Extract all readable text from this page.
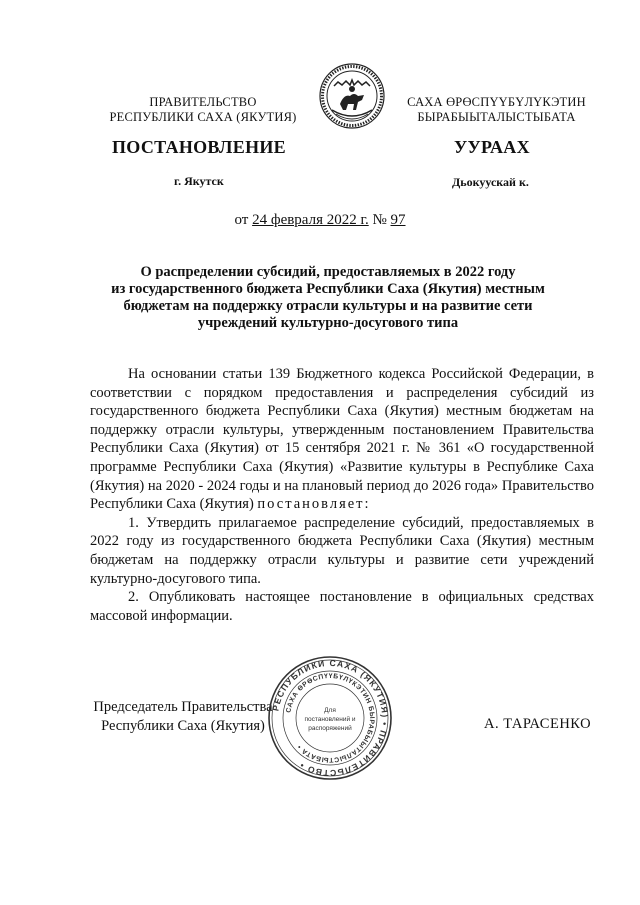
ПРАВИТЕЛЬСТВО
РЕСПУБЛИКИ САХА (ЯКУТИЯ)
САХА ӨРӨСПҮҮБҮЛҮКЭТИН
БЫРАБЫЫТАЛЫСТЫБАТА
ПОСТАНОВЛЕНИЕ	УУРААХ
г. Якутск	Дьокуускай к.
от 24 февраля 2022 г. № 97
О распределении субсидий, предоставляемых в 2022 году
из государственного бюджета Республики Саха (Якутия) местным
бюджетам на поддержку отрасли культуры и на развитие сети
учреждений культурно-досугового типа

На основании статьи 139 Бюджетного кодекса Российской Федерации, в соответствии с порядком предоставления и распределения субсидий из государственного бюджета Республики Саха (Якутия) местным бюджетам на поддержку отрасли культуры, утвержденным постановлением Правительства Республики Саха (Якутия) от 15 сентября 2021 г. № 361 «О государственной программе Республики Саха (Якутия) «Развитие культуры в Республике Саха (Якутия) на 2020 - 2024 годы и на плановый период до 2026 года» Правительство Республики Саха (Якутия) постановляет:

1. Утвердить прилагаемое распределение субсидий, предоставляемых в 2022 году из государственного бюджета Республики Саха (Якутия) местным бюджетам на поддержку отрасли культуры и развитие сети учреждений культурно-досугового типа.

2. Опубликовать настоящее постановление в официальных средствах массовой информации.

Председатель Правительства
Республики Саха (Якутия)
РЕСПУБЛИКИ САХА (ЯКУТИЯ) • ПРАВИТЕЛЬСТВО •
САХА ӨРӨСПҮҮБҮЛҮКЭТИН БЫРАБЫЫТАЛЫСТЫБАТА •
Для
постановлений и
распоряжений	А. ТАРАСЕНКО
